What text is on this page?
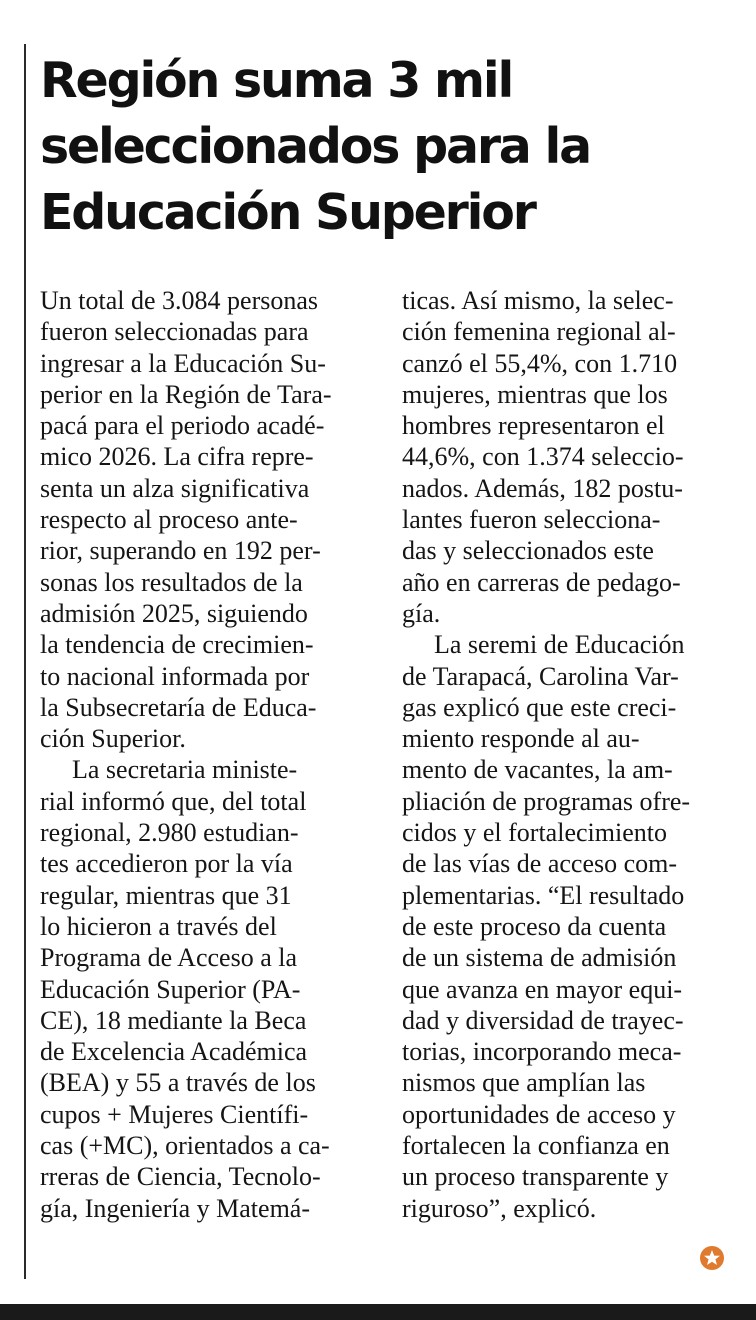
Región suma 3 mil
seleccionados para la
Educación Superior
Un total de 3.084 personas
fueron seleccionadas para
ingresar a la Educación Su-
perior en la Región de Tara-
pacá para el periodo acadé-
mico 2026. La cifra repre-
senta un alza significativa
respecto al proceso ante-
rior, superando en 192 per-
sonas los resultados de la
admisión 2025, siguiendo
la tendencia de crecimien-
to nacional informada por
la Subsecretaría de Educa-
ción Superior.
La secretaria ministe-
rial informó que, del total
regional, 2.980 estudian-
tes accedieron por la vía
regular, mientras que 31
lo hicieron a través del
Programa de Acceso a la
Educación Superior (PA-
CE), 18 mediante la Beca
de Excelencia Académica
(BEA) y 55 a través de los
cupos + Mujeres Científi-
cas (+MC), orientados a ca-
rreras de Ciencia, Tecnolo-
gía, Ingeniería y Matemá-
ticas. Así mismo, la selec-
ción femenina regional al-
canzó el 55,4%, con 1.710
mujeres, mientras que los
hombres representaron el
44,6%, con 1.374 seleccio-
nados. Además, 182 postu-
lantes fueron selecciona-
das y seleccionados este
año en carreras de pedago-
gía.
La seremi de Educación
de Tarapacá, Carolina Var-
gas explicó que este creci-
miento responde al au-
mento de vacantes, la am-
pliación de programas ofre-
cidos y el fortalecimiento
de las vías de acceso com-
plementarias. “El resultado
de este proceso da cuenta
de un sistema de admisión
que avanza en mayor equi-
dad y diversidad de trayec-
torias, incorporando meca-
nismos que amplían las
oportunidades de acceso y
fortalecen la confianza en
un proceso transparente y
riguroso”, explicó.
